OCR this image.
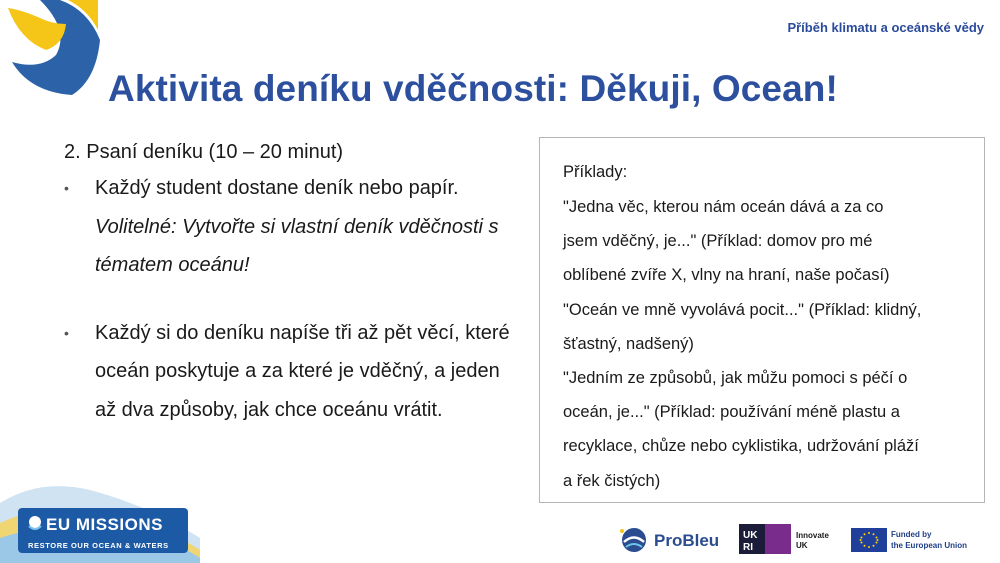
Příběh klimatu a oceánské vědy
Aktivita deníku vděčnosti: Děkuji, Ocean!
2. Psaní deníku (10 – 20 minut)
• Každý student dostane deník nebo papír.
Volitelné: Vytvořte si vlastní deník vděčnosti s tématem oceánu!
• Každý si do deníku napíše tři až pět věcí, které oceán poskytuje a za které je vděčný, a jeden až dva způsoby, jak chce oceánu vrátit.
Příklady:
"Jedna věc, kterou nám oceán dává a za co
jsem vděčný, je..." (Příklad: domov pro mé
oblíbené zvíře X, vlny na hraní, naše počasí)
"Oceán ve mně vyvolává pocit..." (Příklad: klidný,
šťastný, nadšený)
"Jedním ze způsobů, jak můžu pomoci s péčí o
oceán, je..." (Příklad: používání méně plastu a
recyklace, chůze nebo cyklistika, udržování pláží
a řek čistých)
EU MISSIONS
RESTORE OUR OCEAN & WATERS	ProBleu UK
RI
Innovate
UK
Funded by
the European Union
